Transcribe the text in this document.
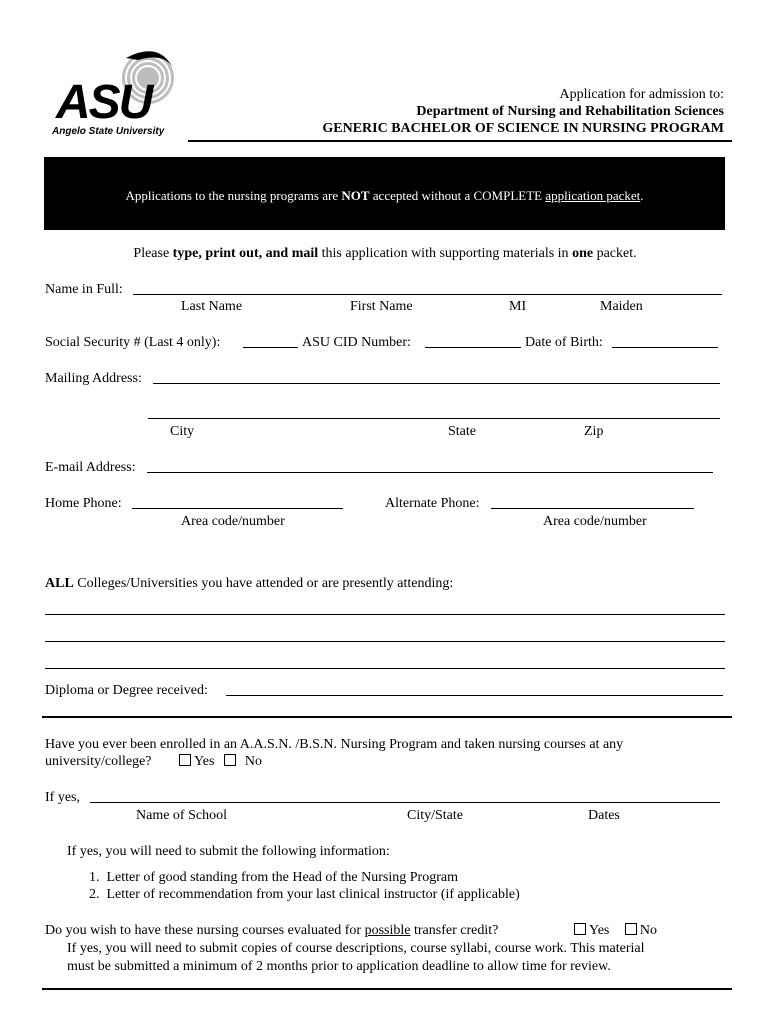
ASU
Angelo State University
Application for admission to:
Department of Nursing and Rehabilitation Sciences
GENERIC BACHELOR OF SCIENCE IN NURSING PROGRAM
Applications to the nursing programs are NOT accepted without a COMPLETE application packet.
Please type, print out, and mail this application with supporting materials in one packet.
Name in Full:
Last Name	First Name	MI	Maiden
Social Security # (Last 4 only):	ASU CID Number:	Date of Birth:
Mailing Address:
City	State	Zip
E-mail Address:
Home Phone:
Area code/number
Alternate Phone:
Area code/number
ALL Colleges/Universities you have attended or are presently attending:
Diploma or Degree received:
Have you ever been enrolled in an A.A.S.N. /B.S.N. Nursing Program and taken nursing courses at any
university/college?	Yes No
If yes,
Name of School	City/State	Dates
If yes, you will need to submit the following information:
1.  Letter of good standing from the Head of the Nursing Program
2.  Letter of recommendation from your last clinical instructor (if applicable)
Do you wish to have these nursing courses evaluated for possible transfer credit?	Yes No
If yes, you will need to submit copies of course descriptions, course syllabi, course work. This material
must be submitted a minimum of 2 months prior to application deadline to allow time for review.
